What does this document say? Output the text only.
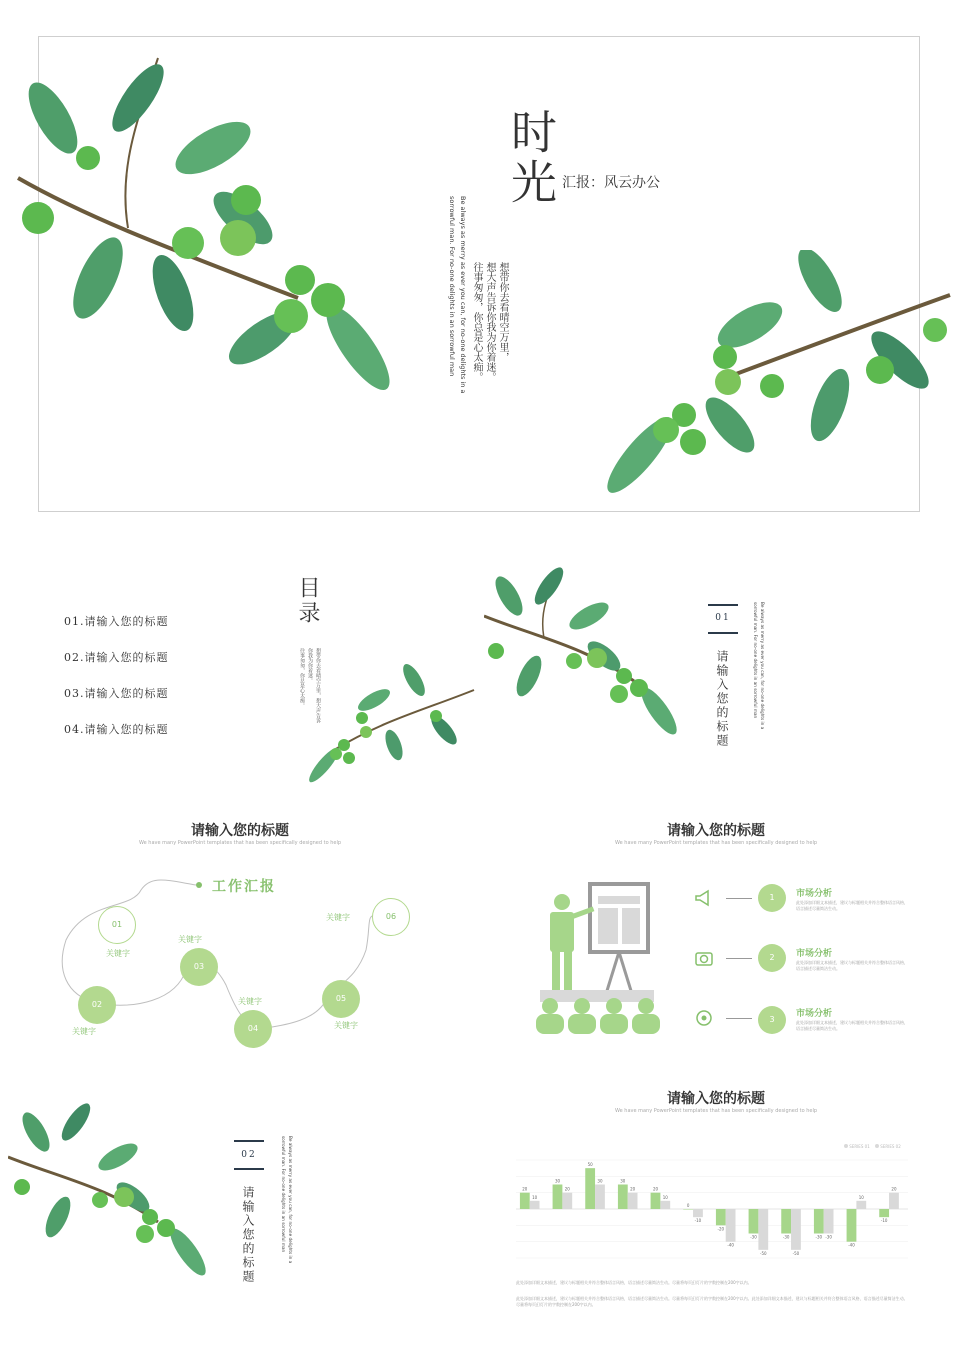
时光 汇报：风云办公
想带你去看晴空万里，
想大声告诉你我为你着迷。
往事匆匆，你总是心太痴。
Be always as merry as ever you can, for no-one delights in a
sorrowful man. For no-one delights in an sorrowful man
01.请输入您的标题
02.请输入您的标题
03.请输入您的标题
04.请输入您的标题
目录
想带你去看晴空万里，想大声告诉你我为你着迷。
往事匆匆，你总是心太痴。
01
请输入您的标题	Be always as merry as ever you can, for no-one delights in a sorrowful man. For no-one delights in an sorrowful man
请输入您的标题
We have many PowerPoint templates that has been specifically designed to help
工作汇报
01
02
03
04
05
06
关键字
关键字
关键字
关键字
关键字
关键字
请输入您的标题
We have many PowerPoint templates that has been specifically designed to help
1	市场分析
此处添加详细文本描述，建议与标题相关并符合整体语言风格，语言描述尽量简洁生动。
2	市场分析
此处添加详细文本描述，建议与标题相关并符合整体语言风格，语言描述尽量简洁生动。
3
市场分析
此处添加详细文本描述，建议与标题相关并符合整体语言风格，语言描述尽量简洁生动。
02
请输入您的标题	Be always as merry as ever you can, for no-one delights in a sorrowful man. For no-one delights in an sorrowful man
请输入您的标题
We have many PowerPoint templates that has been specifically designed to help
SERIES 01	SERIES 02
20
30
50
30
20
0
-20
-30	-30	-30
-40
-10
10
20
30
20
10
-10
-40
-50	-50
-30
10
20
此处添加详细文本描述，建议与标题相关并符合整体语言风格，语言描述尽量简洁生动。尽量将每页幻灯片的字数控制在200字以内。
此处添加详细文本描述，建议与标题相关并符合整体语言风格，语言描述尽量简洁生动。尽量将每页幻灯片的字数控制在200字以内。此处添加详细文本描述，建议与标题相关并符合整体语言风格，语言描述尽量简洁生动。尽量将每页幻灯片的字数控制在200字以内。
